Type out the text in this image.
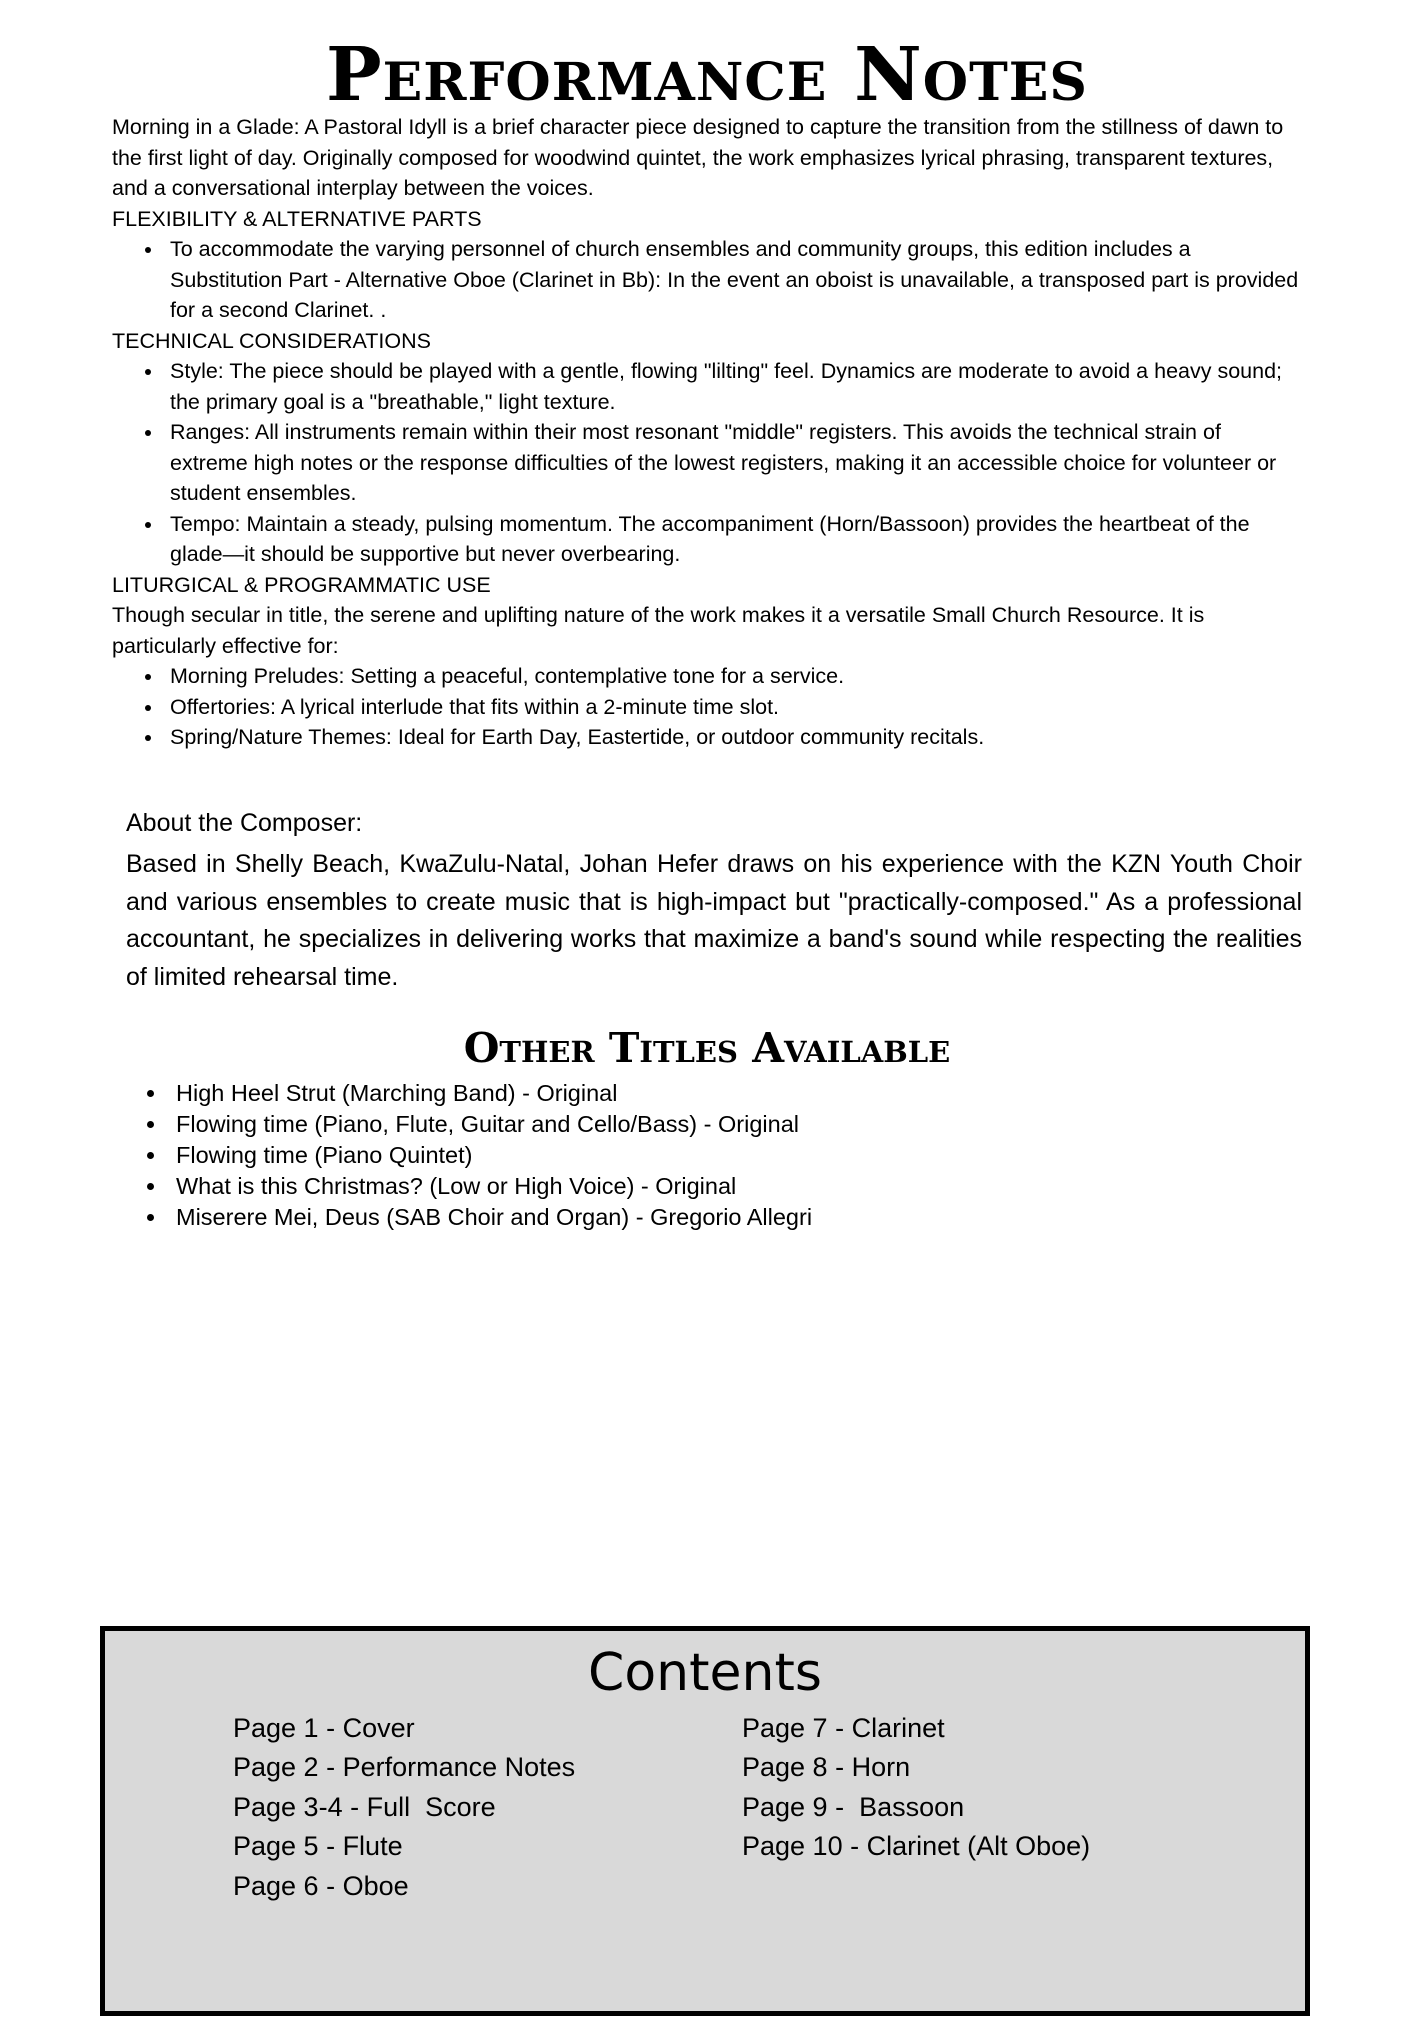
Performance Notes

Morning in a Glade: A Pastoral Idyll is a brief character piece designed to capture the transition from the stillness of dawn to the first light of day. Originally composed for woodwind quintet, the work emphasizes lyrical phrasing, transparent textures, and a conversational interplay between the voices.

FLEXIBILITY & ALTERNATIVE PARTS
• To accommodate the varying personnel of church ensembles and community groups, this edition includes a Substitution Part - Alternative Oboe (Clarinet in Bb): In the event an oboist is unavailable, a transposed part is provided for a second Clarinet. .
TECHNICAL CONSIDERATIONS
• Style: The piece should be played with a gentle, flowing "lilting" feel. Dynamics are moderate to avoid a heavy sound; the primary goal is a "breathable," light texture.
• Ranges: All instruments remain within their most resonant "middle" registers. This avoids the technical strain of extreme high notes or the response difficulties of the lowest registers, making it an accessible choice for volunteer or student ensembles.
• Tempo: Maintain a steady, pulsing momentum. The accompaniment (Horn/Bassoon) provides the heartbeat of the glade—it should be supportive but never overbearing.
LITURGICAL & PROGRAMMATIC USE

Though secular in title, the serene and uplifting nature of the work makes it a versatile Small Church Resource. It is particularly effective for:

• Morning Preludes: Setting a peaceful, contemplative tone for a service.
• Offertories: A lyrical interlude that fits within a 2-minute time slot.
• Spring/Nature Themes: Ideal for Earth Day, Eastertide, or outdoor community recitals.
About the Composer:

Based in Shelly Beach, KwaZulu-Natal, Johan Hefer draws on his experience with the KZN Youth Choir and various ensembles to create music that is high-impact but "practically-composed." As a professional accountant, he specializes in delivering works that maximize a band's sound while respecting the realities of limited rehearsal time.

Other Titles Available
• High Heel Strut (Marching Band) - Original
• Flowing time (Piano, Flute, Guitar and Cello/Bass) - Original
• Flowing time (Piano Quintet)
• What is this Christmas? (Low or High Voice) - Original
• Miserere Mei, Deus (SAB Choir and Organ) - Gregorio Allegri
Contents
Page 1 - Cover
Page 2 - Performance Notes
Page 3-4 - Full  Score
Page 5 - Flute
Page 6 - Oboe
Page 7 - Clarinet
Page 8 - Horn
Page 9 -  Bassoon
Page 10 - Clarinet (Alt Oboe)
